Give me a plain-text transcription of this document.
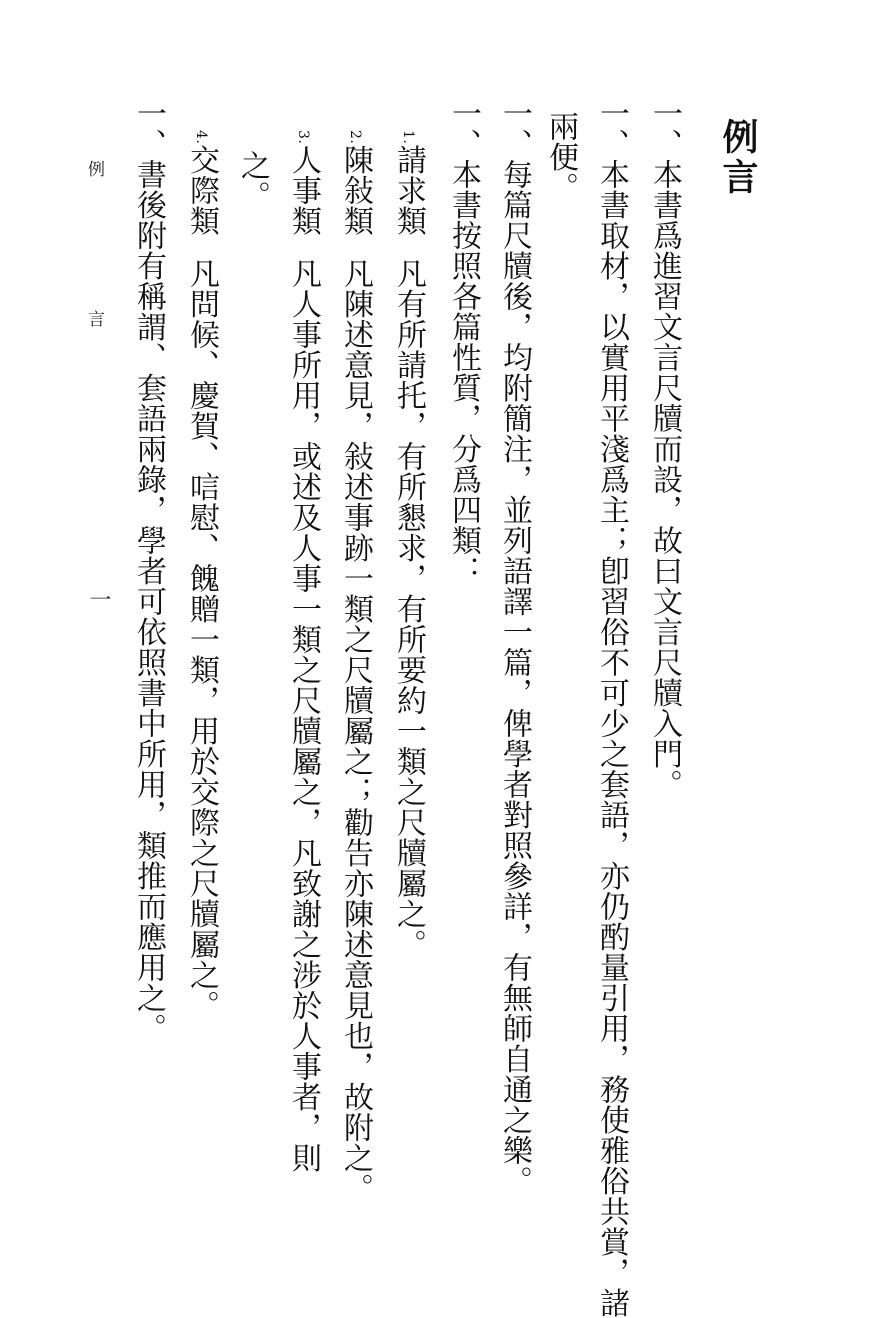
例言
一、本書爲進習文言尺牘而設，故曰文言尺牘入門。
一、本書取材，以實用平淺爲主；卽習俗不可少之套語，亦仍酌量引用，務使雅俗共賞，諸
兩便。
一、每篇尺牘後，均附簡注，並列語譯一篇，俾學者對照參詳，有無師自通之樂。
一、本書按照各篇性質，分爲四類：
1.請求類凡有所請托，有所懇求，有所要約一類之尺牘屬之。
2.陳敍類凡陳述意見，敍述事跡一類之尺牘屬之；勸告亦陳述意見也，故附之。
3.人事類凡人事所用，或述及人事一類之尺牘屬之，凡致謝之涉於人事者，則
之。
4.交際類凡問候、慶賀、唁慰、餽贈一類，用於交際之尺牘屬之。
一、書後附有稱謂、套語兩錄，學者可依照書中所用，類推而應用之。
例　言
一
